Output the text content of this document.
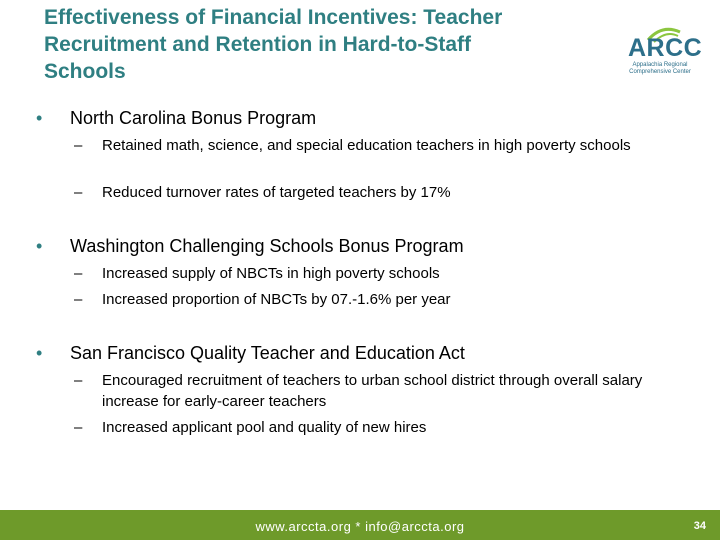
Effectiveness of Financial Incentives: Teacher
Recruitment and Retention in Hard-to-Staff
Schools
ARCC
Appalachia Regional
Comprehensive Center
• North Carolina Bonus Program
– Retained math, science, and special education teachers in high poverty schools
– Reduced turnover rates of targeted teachers by 17%
• Washington Challenging Schools Bonus Program
– Increased supply of NBCTs in high poverty schools
– Increased proportion of NBCTs by 07.-1.6% per year
• San Francisco Quality Teacher and Education Act
– Encouraged recruitment of teachers to urban school district through overall salary increase for early-career teachers
– Increased applicant pool and quality of new hires
www.arccta.org * info@arccta.org	34
